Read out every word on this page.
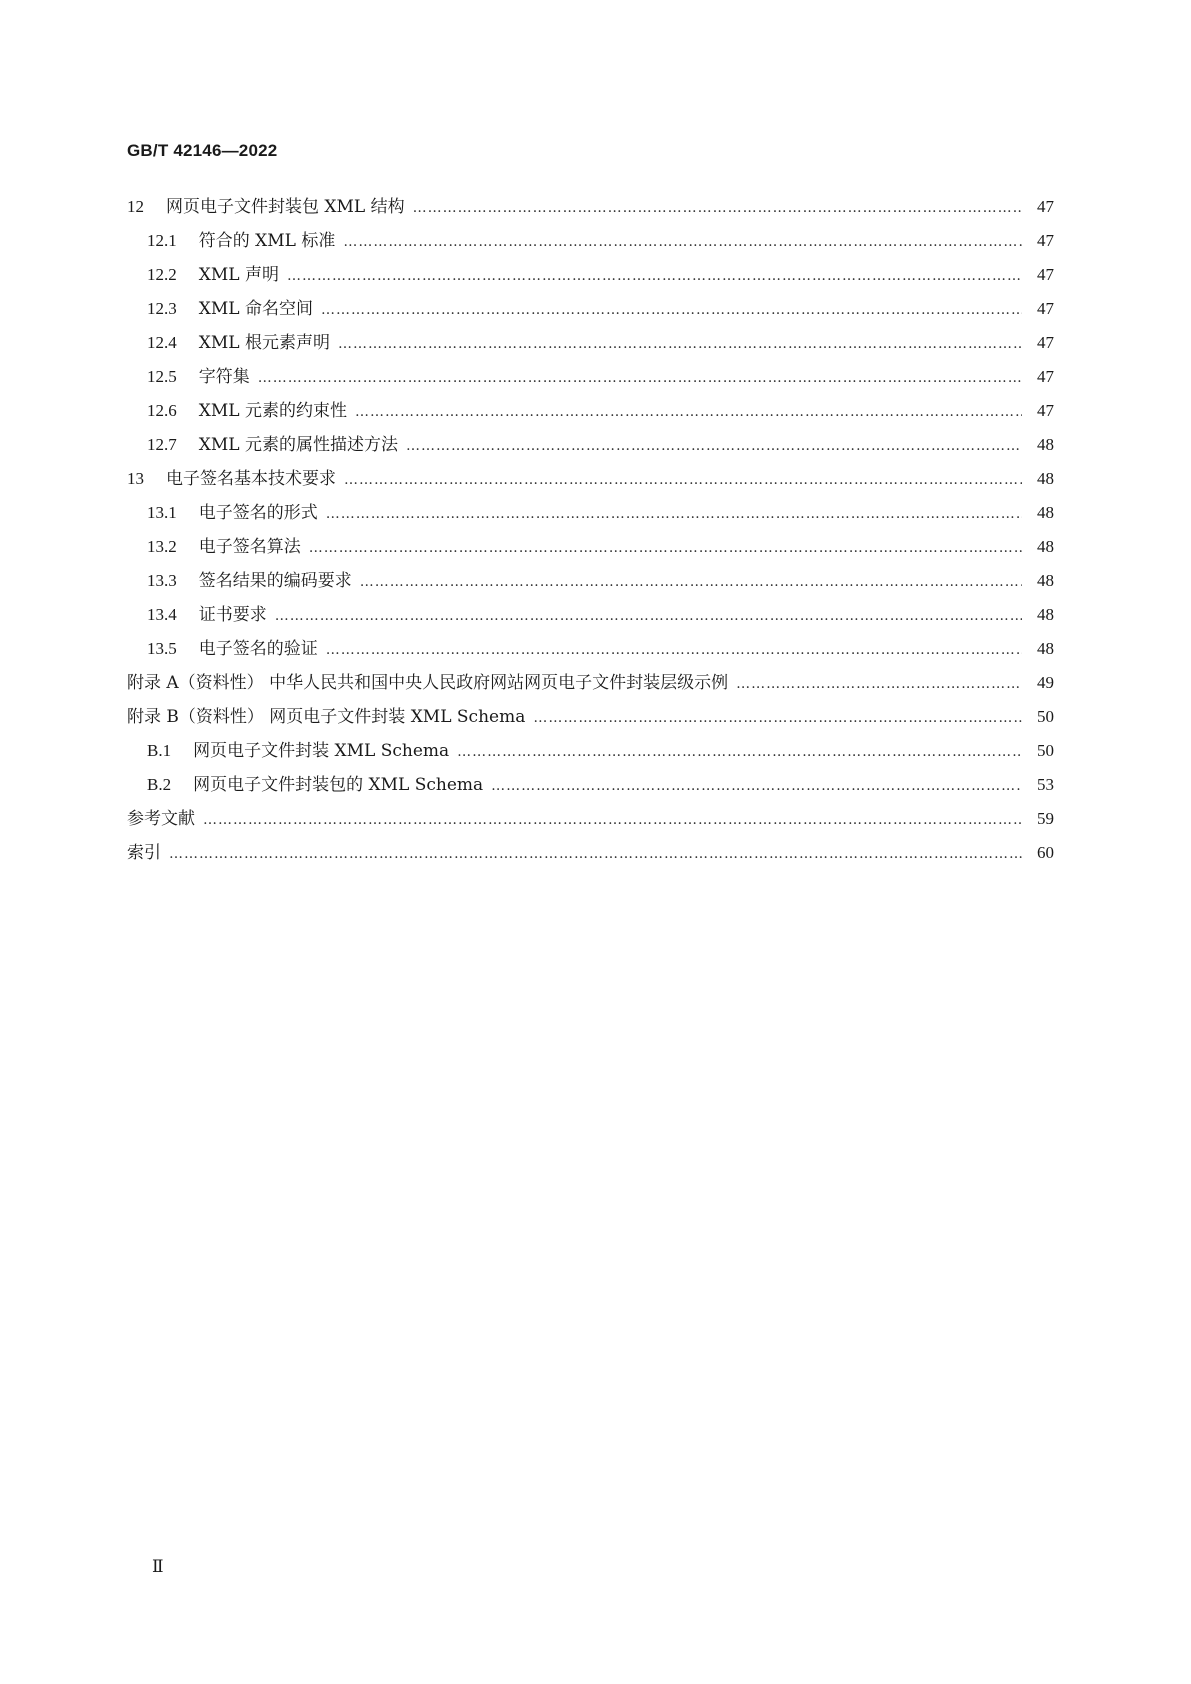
GB/T 42146—2022
12 网页电子文件封装包 XML 结构 ………………………………………………………………………………………………………………………………………………………………………………………………………………………………………………………………………………………………	47
12.1 符合的 XML 标准 ………………………………………………………………………………………………………………………………………………………………………………………………………………………………………………………………………………………………	47
12.2 XML 声明 ………………………………………………………………………………………………………………………………………………………………………………………………………………………………………………………………………………………………	47
12.3 XML 命名空间 ………………………………………………………………………………………………………………………………………………………………………………………………………………………………………………………………………………………………	47
12.4 XML 根元素声明 ………………………………………………………………………………………………………………………………………………………………………………………………………………………………………………………………………………………………	47
12.5 字符集 ………………………………………………………………………………………………………………………………………………………………………………………………………………………………………………………………………………………………	47
12.6 XML 元素的约束性 ………………………………………………………………………………………………………………………………………………………………………………………………………………………………………………………………………………………………	47
12.7 XML 元素的属性描述方法 ………………………………………………………………………………………………………………………………………………………………………………………………………………………………………………………………………………………………	48
13 电子签名基本技术要求 ………………………………………………………………………………………………………………………………………………………………………………………………………………………………………………………………………………………………	48
13.1 电子签名的形式 ………………………………………………………………………………………………………………………………………………………………………………………………………………………………………………………………………………………………	48
13.2 电子签名算法 ………………………………………………………………………………………………………………………………………………………………………………………………………………………………………………………………………………………………	48
13.3 签名结果的编码要求 ………………………………………………………………………………………………………………………………………………………………………………………………………………………………………………………………………………………………	48
13.4 证书要求 ………………………………………………………………………………………………………………………………………………………………………………………………………………………………………………………………………………………………	48
13.5 电子签名的验证 ………………………………………………………………………………………………………………………………………………………………………………………………………………………………………………………………………………………………	48
附录 A（资料性） 中华人民共和国中央人民政府网站网页电子文件封装层级示例 ………………………………………………………………………………………………………………………………………………………………………………………………………………………………………………………………………………………………	49
附录 B（资料性） 网页电子文件封装 XML Schema ………………………………………………………………………………………………………………………………………………………………………………………………………………………………………………………………………………………………	50
B.1 网页电子文件封装 XML Schema ………………………………………………………………………………………………………………………………………………………………………………………………………………………………………………………………………………………………	50
B.2 网页电子文件封装包的 XML Schema ………………………………………………………………………………………………………………………………………………………………………………………………………………………………………………………………………………………………	53
参考文献 ………………………………………………………………………………………………………………………………………………………………………………………………………………………………………………………………………………………………	59
索引 ………………………………………………………………………………………………………………………………………………………………………………………………………………………………………………………………………………………………	60
Ⅱ
